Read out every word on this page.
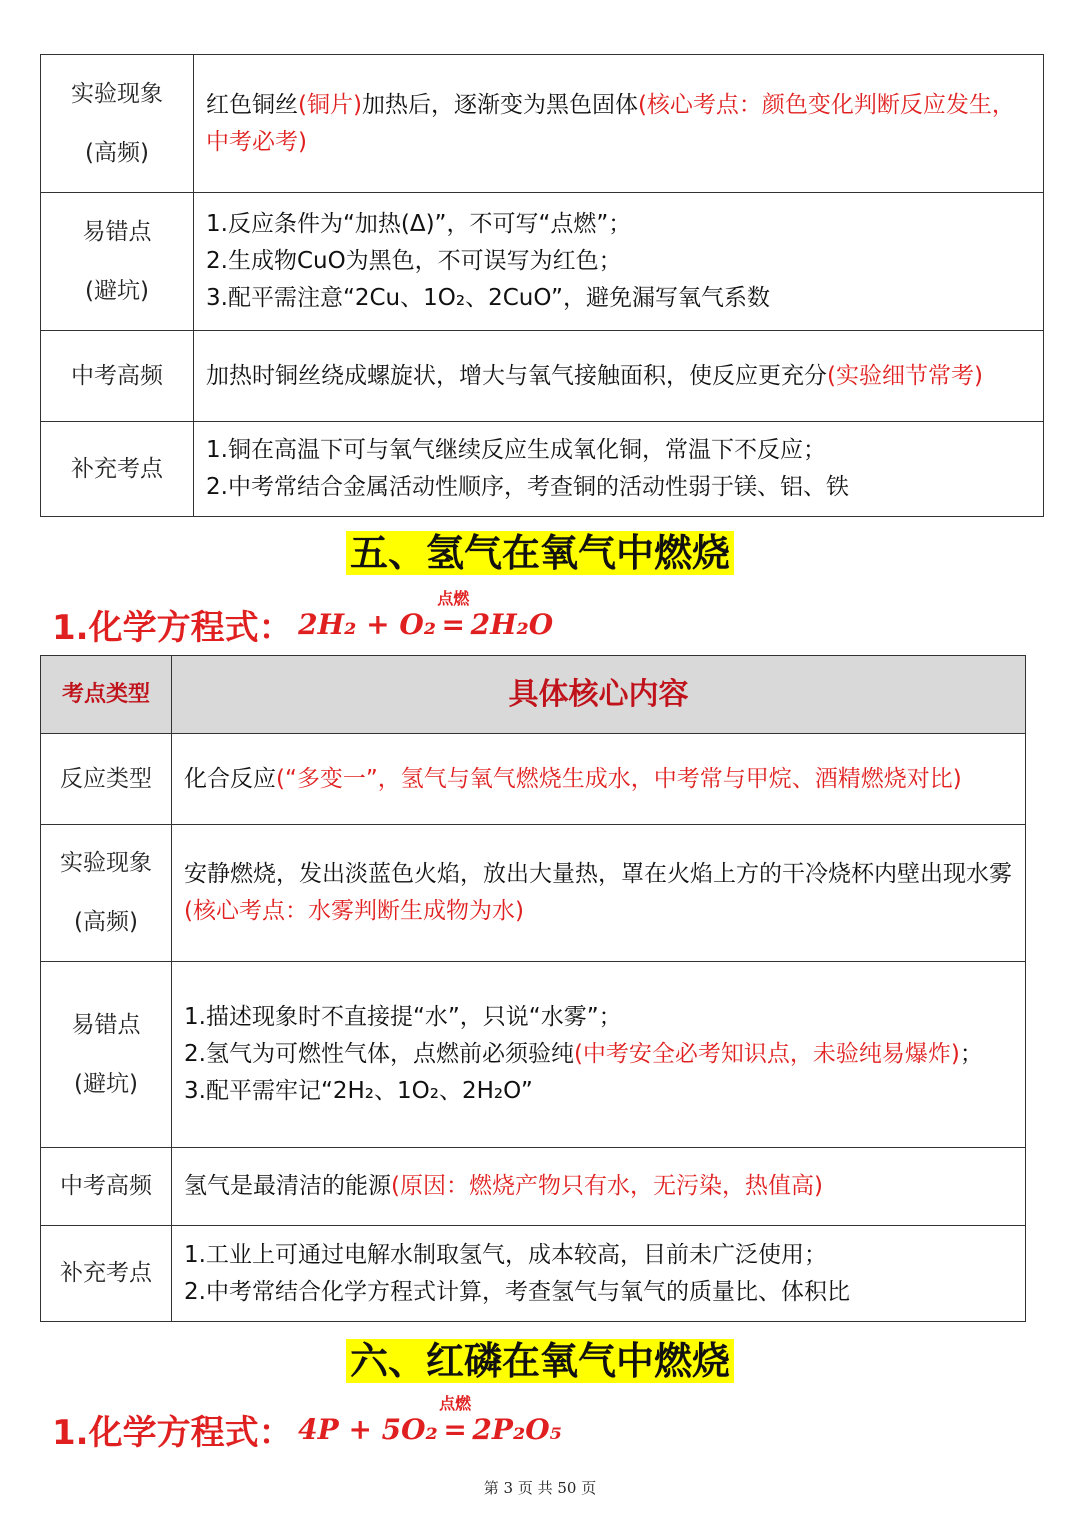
实验现象
(高频)	红色铜丝(铜片)加热后，逐渐变为黑色固体(核心考点：颜色变化判断反应发生，中考必考)

易错点
(避坑)	1.反应条件为“加热(Δ)”，不可写“点燃”；
2.生成物CuO为黑色，不可误写为红色；
3.配平需注意“2Cu、1O₂、2CuO”，避免漏写氧气系数

中考高频	加热时铜丝绕成螺旋状，增大与氧气接触面积，使反应更充分(实验细节常考)

补充考点	1.铜在高温下可与氧气继续反应生成氧化铜，常温下不反应；
2.中考常结合金属活动性顺序，考查铜的活动性弱于镁、铝、铁
五、氢气在氧气中燃烧
1.化学方程式： 2H₂ + O₂
点燃
= 2H₂O
考点类型	具体核心内容

反应类型	化合反应(“多变一”，氢气与氧气燃烧生成水，中考常与甲烷、酒精燃烧对比)

实验现象
(高频)	安静燃烧，发出淡蓝色火焰，放出大量热，罩在火焰上方的干冷烧杯内壁出现水雾(核心考点：水雾判断生成物为水)

易错点
(避坑)	1.描述现象时不直接提“水”，只说“水雾”；
2.氢气为可燃性气体，点燃前必须验纯(中考安全必考知识点，未验纯易爆炸)；
3.配平需牢记“2H₂、1O₂、2H₂O”

中考高频	氢气是最清洁的能源(原因：燃烧产物只有水，无污染，热值高)

补充考点	1.工业上可通过电解水制取氢气，成本较高，目前未广泛使用；
2.中考常结合化学方程式计算，考查氢气与氧气的质量比、体积比
六、红磷在氧气中燃烧
1.化学方程式： 4P + 5O₂
点燃
= 2P₂O₅
第 3 页 共 50 页
